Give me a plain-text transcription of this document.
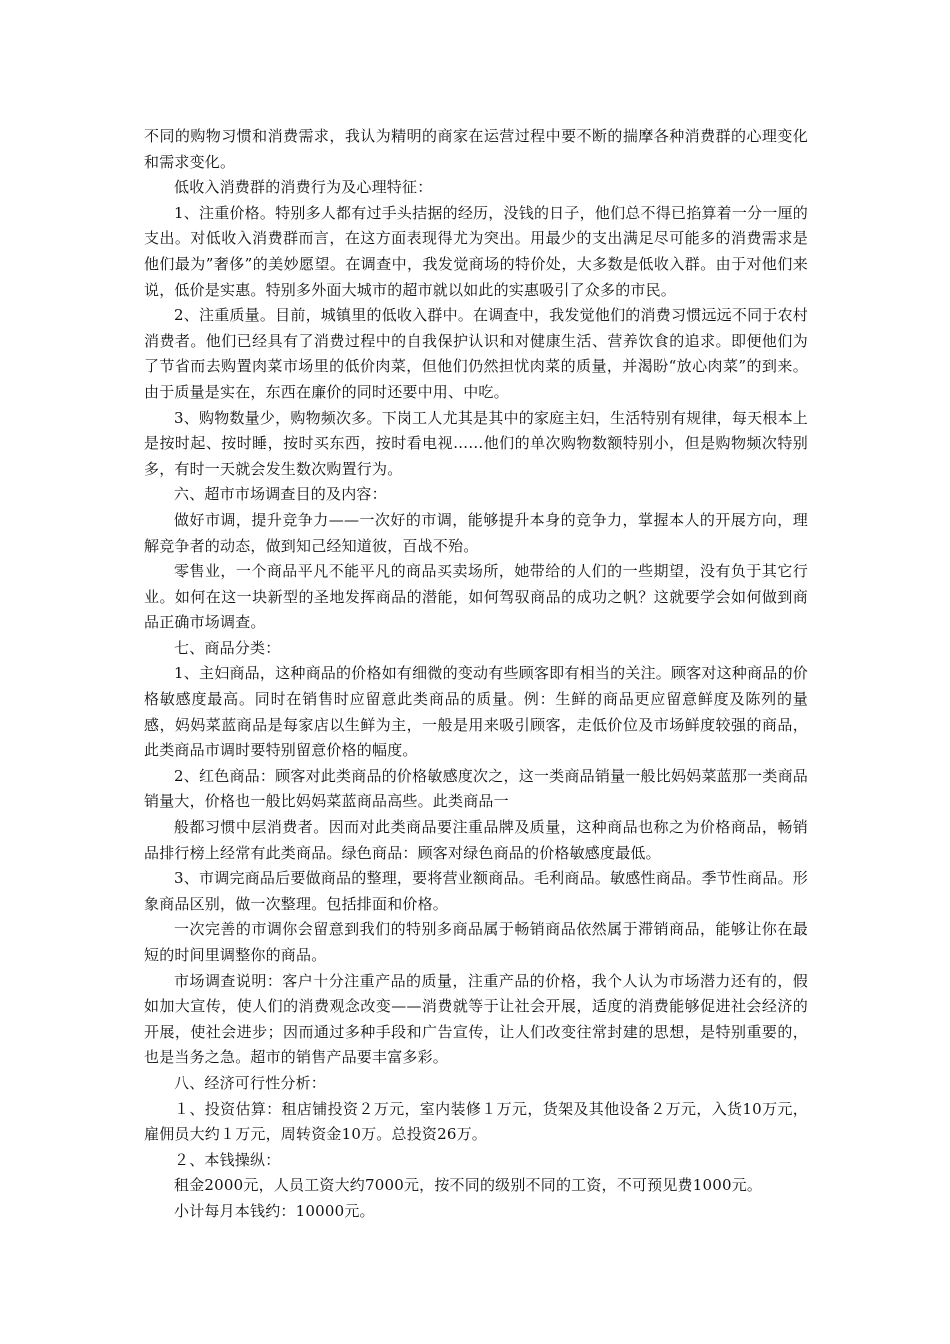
不同的购物习惯和消费需求，我认为精明的商家在运营过程中要不断的揣摩各种消费群的心理变化和需求变化。

低收入消费群的消费行为及心理特征：

1、注重价格。特别多人都有过手头拮据的经历，没钱的日子，他们总不得已掐算着一分一厘的支出。对低收入消费群而言，在这方面表现得尤为突出。用最少的支出满足尽可能多的消费需求是他们最为”奢侈”的美妙愿望。在调查中，我发觉商场的特价处，大多数是低收入群。由于对他们来说，低价是实惠。特别多外面大城市的超市就以如此的实惠吸引了众多的市民。

2、注重质量。目前，城镇里的低收入群中。在调查中，我发觉他们的消费习惯远远不同于农村消费者。他们已经具有了消费过程中的自我保护认识和对健康生活、营养饮食的追求。即便他们为了节省而去购置肉菜市场里的低价肉菜，但他们仍然担忧肉菜的质量，并渴盼“放心肉菜”的到来。由于质量是实在，东西在廉价的同时还要中用、中吃。

3、购物数量少，购物频次多。下岗工人尤其是其中的家庭主妇，生活特别有规律，每天根本上是按时起、按时睡，按时买东西，按时看电视……他们的单次购物数额特别小，但是购物频次特别多，有时一天就会发生数次购置行为。

六、超市市场调查目的及内容：

做好市调，提升竞争力——一次好的市调，能够提升本身的竞争力，掌握本人的开展方向，理解竞争者的动态，做到知己经知道彼，百战不殆。

零售业，一个商品平凡不能平凡的商品买卖场所，她带给的人们的一些期望，没有负于其它行业。如何在这一块新型的圣地发挥商品的潜能，如何驾驭商品的成功之帆？这就要学会如何做到商品正确市场调查。

七、商品分类：

1、主妇商品，这种商品的价格如有细微的变动有些顾客即有相当的关注。顾客对这种商品的价格敏感度最高。同时在销售时应留意此类商品的质量。例：生鲜的商品更应留意鲜度及陈列的量感，妈妈菜蓝商品是每家店以生鲜为主，一般是用来吸引顾客，走低价位及市场鲜度较强的商品，此类商品市调时要特别留意价格的幅度。

2、红色商品：顾客对此类商品的价格敏感度次之，这一类商品销量一般比妈妈菜蓝那一类商品销量大，价格也一般比妈妈菜蓝商品高些。此类商品一

般都习惯中层消费者。因而对此类商品要注重品牌及质量，这种商品也称之为价格商品，畅销品排行榜上经常有此类商品。绿色商品：顾客对绿色商品的价格敏感度最低。

3、市调完商品后要做商品的整理，要将营业额商品。毛利商品。敏感性商品。季节性商品。形象商品区别，做一次整理。包括排面和价格。

一次完善的市调你会留意到我们的特别多商品属于畅销商品依然属于滞销商品，能够让你在最短的时间里调整你的商品。

市场调查说明：客户十分注重产品的质量，注重产品的价格，我个人认为市场潜力还有的，假如加大宣传，使人们的消费观念改变——消费就等于让社会开展，适度的消费能够促进社会经济的开展，使社会进步；因而通过多种手段和广告宣传，让人们改变往常封建的思想，是特别重要的，也是当务之急。超市的销售产品要丰富多彩。

八、经济可行性分析：

１、投资估算：租店铺投资２万元，室内装修１万元，货架及其他设备２万元，入货10万元，雇佣员大约１万元，周转资金10万。总投资26万。

２、本钱操纵：

租金2000元，人员工资大约7000元，按不同的级别不同的工资，不可预见费1000元。

小计每月本钱约：10000元。
